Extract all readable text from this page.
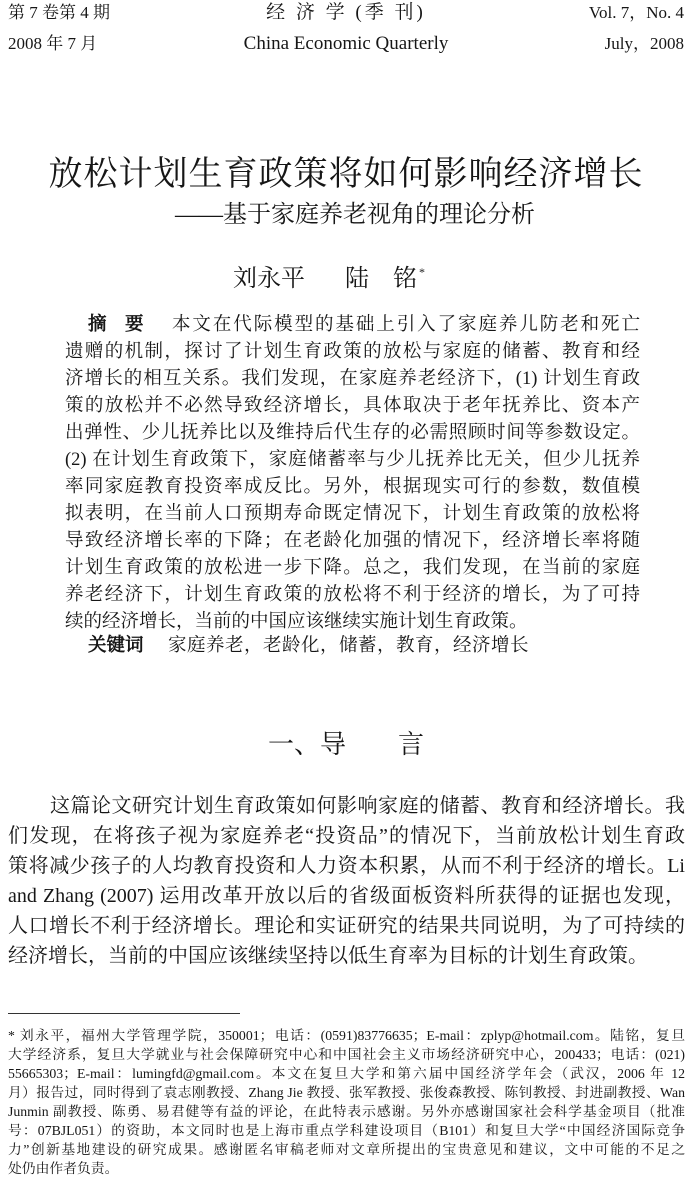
第 7 卷第 4 期
2008 年 7 月
经 济 学 (季 刊)
China Economic Quarterly
Vol. 7，No. 4
July，2008
放松计划生育政策将如何影响经济增长
——基于家庭养老视角的理论分析
刘永平 陆　铭 *
摘　要 本文在代际模型的基础上引入了家庭养儿防老和死亡
遗赠的机制，探讨了计划生育政策的放松与家庭的储蓄、教育和经
济增长的相互关系。我们发现，在家庭养老经济下，(1) 计划生育政
策的放松并不必然导致经济增长，具体取决于老年抚养比、资本产
出弹性、少儿抚养比以及维持后代生存的必需照顾时间等参数设定。
(2) 在计划生育政策下，家庭储蓄率与少儿抚养比无关，但少儿抚养
率同家庭教育投资率成反比。另外，根据现实可行的参数，数值模
拟表明，在当前人口预期寿命既定情况下，计划生育政策的放松将
导致经济增长率的下降；在老龄化加强的情况下，经济增长率将随
计划生育政策的放松进一步下降。总之，我们发现，在当前的家庭
养老经济下，计划生育政策的放松将不利于经济的增长，为了可持
续的经济增长，当前的中国应该继续实施计划生育政策。
关键词 家庭养老，老龄化，储蓄，教育，经济增长
一、导　　言
这篇论文研究计划生育政策如何影响家庭的储蓄、教育和经济增长。我
们发现，在将孩子视为家庭养老“投资品”的情况下，当前放松计划生育政
策将减少孩子的人均教育投资和人力资本积累，从而不利于经济的增长。Li
and Zhang (2007) 运用改革开放以后的省级面板资料所获得的证据也发现，
人口增长不利于经济增长。理论和实证研究的结果共同说明，为了可持续的
经济增长，当前的中国应该继续坚持以低生育率为目标的计划生育政策。
* 刘永平，福州大学管理学院，350001；电话：(0591)83776635；E-mail：zplyp@hotmail.com。陆铭，复旦
大学经济系，复旦大学就业与社会保障研究中心和中国社会主义市场经济研究中心，200433；电话：(021)
55665303；E-mail：lumingfd@gmail.com。本文在复旦大学和第六届中国经济学年会（武汉，2006 年 12
月）报告过，同时得到了袁志刚教授、Zhang Jie 教授、张军教授、张俊森教授、陈钊教授、封进副教授、Wan
Junmin 副教授、陈勇、易君健等有益的评论，在此特表示感谢。另外亦感谢国家社会科学基金项目（批准
号：07BJL051）的资助，本文同时也是上海市重点学科建设项目（B101）和复旦大学“中国经济国际竞争
力”创新基地建设的研究成果。感谢匿名审稿老师对文章所提出的宝贵意见和建议，文中可能的不足之
处仍由作者负责。
